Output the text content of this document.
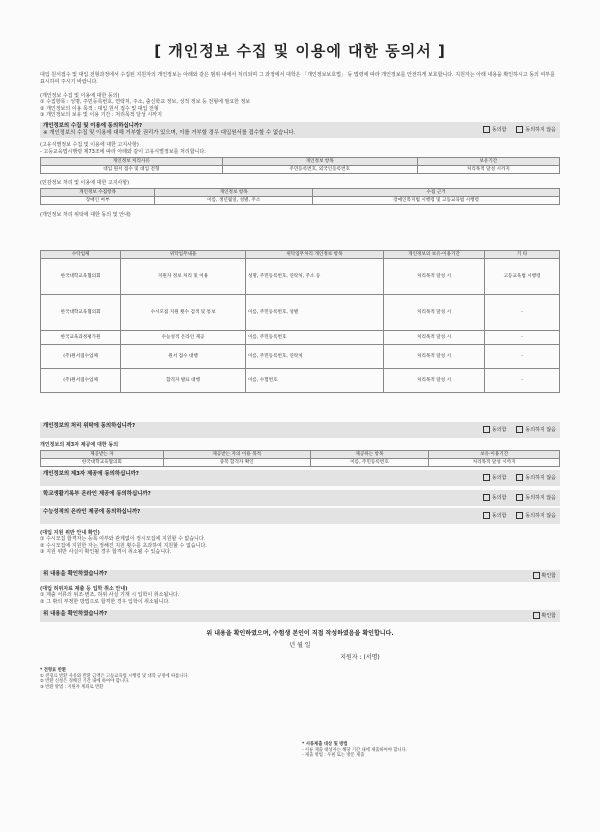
[ 개인정보 수집 및 이용에 대한 동의서 ]
대입 원서접수 및 대입 전형과정에서 수집된 지원자의 개인정보는 아래와 같은 범위 내에서 처리되며 그 과정에서 대학은 「개인정보보호법」 등 법령에 따라 개인정보를 안전하게 보호합니다. 지원자는 아래 내용을 확인하시고 동의 여부를 표시하여 주시기 바랍니다.
(개인정보 수집 및 이용에 대한 동의)
① 수집항목 : 성명, 주민등록번호, 연락처, 주소, 출신학교 정보, 성적 정보 등 전형에 필요한 정보
② 개인정보의 이용 목적 : 대입 원서 접수 및 대입 전형
③ 개인정보의 보유 및 이용 기간 : 처리목적 달성 시까지
개인정보의 수집 및 이용에 동의하십니까?
※ 개인정보의 수집 및 이용에 대해 거부할 권리가 있으며, 이를 거부할 경우 대입원서를 접수할 수 없습니다.	동의함	동의하지 않음
(고유식별정보 수집 및 이용에 대한 고지사항)
- 고등교육법시행령 제73조에 따라 아래와 같이 고유식별정보를 처리합니다.
개인정보 처리사유	개인정보 항목	보유기간
대입 원서 접수 및 대입 전형	주민등록번호, 외국인등록번호	처리목적 달성 시까지
(민감정보 처리 및 이용에 대한 고지사항)
개인정보 수집항목	개인정보 항목	수집 근거
장애인 여부	이름, 생년월일, 성별, 주소	장애인복지법 시행령 및 고등교육법 시행령
(개인정보 처리 위탁에 대한 동의 및 안내)
수탁업체	위탁업무내용	위탁업무처리 개인정보 항목	개인정보의 보유·이용기간	기 타
한국대학교육협의회	지원자 정보 처리 및 이용	성명, 주민등록번호, 연락처, 주소 등	처리목적 달성 시	고등교육법 시행령
한국대학교육협의회	수시모집 지원 횟수 검색 및 통보	이름, 주민등록번호, 성별	처리목적 달성 시	-
한국교육과정평가원	수능성적 온라인 제공	이름, 주민등록번호	처리목적 달성 시	-
(주)원서접수업체	원서 접수 대행	이름, 주민등록번호, 연락처	처리목적 달성 시	-
(주)원서접수업체	합격자 발표 대행	이름, 수험번호	처리목적 달성 시	-
개인정보의 처리 위탁에 동의하십니까?
동의함	동의하지 않음
개인정보의 제3자 제공에 대한 동의
제공받는 자	제공받는 자의 이용 목적	제공하는 항목	보유·이용기간
한국대학교육협의회	중복 합격자 확인	이름, 주민등록번호	처리목적 달성 시까지
개인정보의 제3자 제공에 동의하십니까?
동의함	동의하지 않음
학교생활기록부 온라인 제공에 동의하십니까?
동의함	동의하지 않음
수능성적의 온라인 제공에 동의하십니까?
동의함	동의하지 않음
(대입 지원 위반 안내 확인)
① 수시모집 합격자는 등록 여부와 관계없이 정시모집에 지원할 수 없습니다.
② 수시모집에 지원한 자는 정해진 지원 횟수를 초과하여 지원할 수 없습니다.
③ 지원 위반 사실이 확인될 경우 합격이 취소될 수 있습니다.
위 내용을 확인하였습니까?	확인함
(대입 허위자료 제출 등 입학 취소 안내)
① 제출 서류의 위조·변조, 허위 사실 기재 시 입학이 취소됩니다.
② 그 밖의 부정한 방법으로 합격한 경우 입학이 취소됩니다.
위 내용을 확인하였습니까?	확인함
위 내용을 확인하였으며, 수험생 본인이 직접 작성하였음을 확인합니다.
년 월 일
지원자 : (서명)
* 전형료 반환
① 전형료 반환 사유와 반환 금액은 고등교육법 시행령 및 대학 규정에 따릅니다.
② 반환 신청은 정해진 기간 내에 하여야 합니다.
③ 반환 방법 : 지원자 계좌로 반환
* 서류제출 대상 및 방법
- 서류 제출 대상자는 해당 기간 내에 제출하여야 합니다.
- 제출 방법 : 우편 또는 방문 제출
